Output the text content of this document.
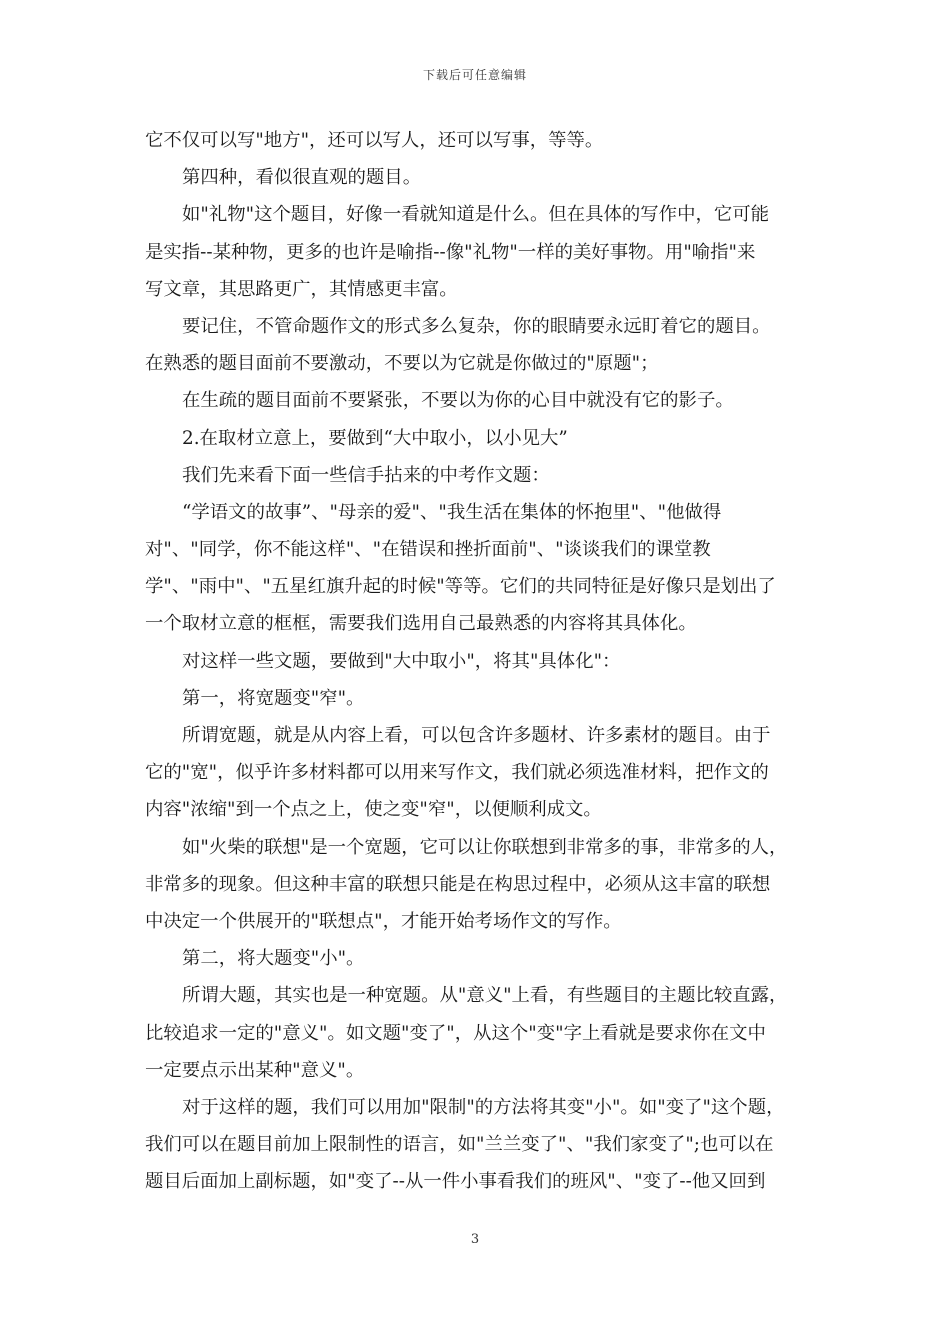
下载后可任意编辑
它不仅可以写"地方"，还可以写人，还可以写事，等等。
第四种，看似很直观的题目。
如"礼物"这个题目，好像一看就知道是什么。但在具体的写作中，它可能
是实指--某种物，更多的也许是喻指--像"礼物"一样的美好事物。用"喻指"来
写文章，其思路更广，其情感更丰富。
要记住，不管命题作文的形式多么复杂，你的眼睛要永远盯着它的题目。
在熟悉的题目面前不要激动，不要以为它就是你做过的"原题"；
在生疏的题目面前不要紧张，不要以为你的心目中就没有它的影子。
2.在取材立意上，要做到“大中取小，以小见大”
我们先来看下面一些信手拈来的中考作文题：
“学语文的故事”、"母亲的爱"、"我生活在集体的怀抱里"、"他做得
对"、"同学，你不能这样"、"在错误和挫折面前"、"谈谈我们的课堂教
学"、"雨中"、"五星红旗升起的时候"等等。它们的共同特征是好像只是划出了
一个取材立意的框框，需要我们选用自己最熟悉的内容将其具体化。
对这样一些文题，要做到"大中取小"，将其"具体化"：
第一，将宽题变"窄"。
所谓宽题，就是从内容上看，可以包含许多题材、许多素材的题目。由于
它的"宽"，似乎许多材料都可以用来写作文，我们就必须选准材料，把作文的
内容"浓缩"到一个点之上，使之变"窄"，以便顺利成文。
如"火柴的联想"是一个宽题，它可以让你联想到非常多的事，非常多的人，
非常多的现象。但这种丰富的联想只能是在构思过程中，必须从这丰富的联想
中决定一个供展开的"联想点"，才能开始考场作文的写作。
第二，将大题变"小"。
所谓大题，其实也是一种宽题。从"意义"上看，有些题目的主题比较直露，
比较追求一定的"意义"。如文题"变了"，从这个"变"字上看就是要求你在文中
一定要点示出某种"意义"。
对于这样的题，我们可以用加"限制"的方法将其变"小"。如"变了"这个题，
我们可以在题目前加上限制性的语言，如"兰兰变了"、"我们家变了";也可以在
题目后面加上副标题，如"变了--从一件小事看我们的班风"、"变了--他又回到
3
